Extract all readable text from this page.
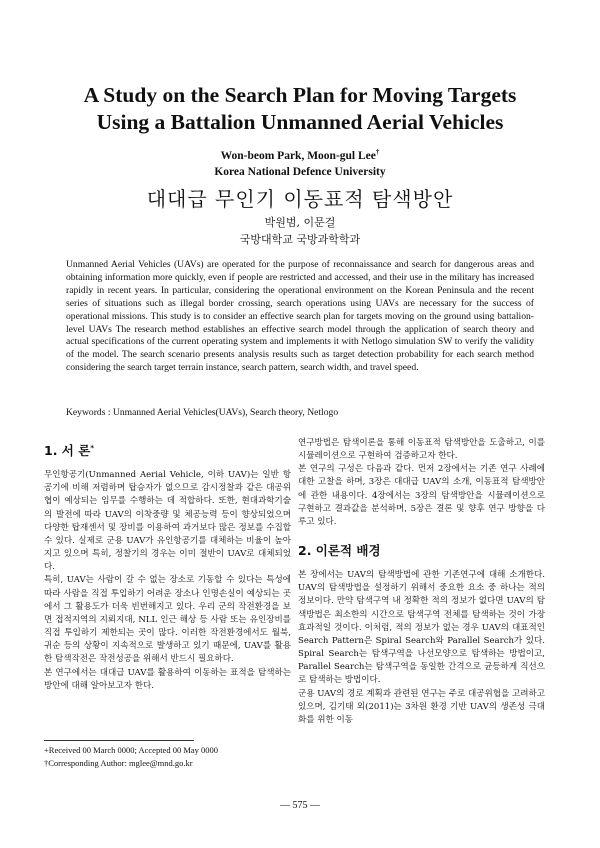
A Study on the Search Plan for Moving Targets
Using a Battalion Unmanned Aerial Vehicles
Won-beom Park, Moon-gul Lee†
Korea National Defence University
대대급 무인기 이동표적 탐색방안
박원범, 이문걸
국방대학교 국방과학학과

Unmanned Aerial Vehicles (UAVs) are operated for the purpose of reconnaissance and search for dangerous areas and obtaining information more quickly, even if people are restricted and accessed, and their use in the military has increased rapidly in recent years. In particular, considering the operational environment on the Korean Peninsula and the recent series of situations such as illegal border crossing, search operations using UAVs are necessary for the success of operational missions. This study is to consider an effective search plan for targets moving on the ground using battalion-level UAVs The research method establishes an effective search model through the application of search theory and actual specifications of the current operating system and implements it with Netlogo simulation SW to verify the validity of the model. The search scenario presents analysis results such as target detection probability for each search method considering the search target terrain instance, search pattern, search width, and travel speed.

Keywords : Unmanned Aerial Vehicles(UAVs), Search theory, Netlogo
1. 서 론*

무인항공기(Unmanned Aerial Vehicle, 이하 UAV)는 일반 항공기에 비해 저렴하며 탑승자가 없으므로 감시정찰과 같은 대공위협이 예상되는 임무를 수행하는 데 적합하다. 또한, 현대과학기술의 발전에 따라 UAV의 이착중량 및 체공능력 등이 향상되었으며 다양한 탑재센서 및 장비를 이용하여 과거보다 많은 정보를 수집할 수 있다. 실제로 군용 UAV가 유인항공기를 대체하는 비율이 높아지고 있으며 특히, 정찰기의 경우는 이미 절반이 UAV로 대체되었다.

특히, UAV는 사람이 갈 수 없는 장소로 기동할 수 있다는 특성에 따라 사람을 직접 투입하기 어려운 장소나 인명손실이 예상되는 곳에서 그 활용도가 더욱 빈번해지고 있다. 우리 군의 작전환경을 보면 접적지역의 지뢰지대, NLL 인근 해상 등 사람 또는 유인장비를 직접 투입하기 제한되는 곳이 많다. 이러한 작전환경에서도 월북, 귀순 등의 상황이 지속적으로 발생하고 있기 때문에, UAV를 활용한 탐색작전은 작전성공을 위해서 반드시 필요하다.

본 연구에서는 대대급 UAV를 활용하여 이동하는 표적을 탐색하는 방안에 대해 알아보고자 한다.

연구방법은 탐색이론을 통해 이동표적 탐색방안을 도출하고, 이를 시뮬레이션으로 구현하여 검증하고자 한다.

본 연구의 구성은 다음과 같다. 먼저 2장에서는 기존 연구 사례에 대한 고찰을 하며, 3장은 대대급 UAV의 소개, 이동표적 탐색방안에 관한 내용이다. 4장에서는 3장의 탐색방안을 시뮬레이션으로 구현하고 결과값을 분석하며, 5장은 결론 및 향후 연구 방향을 다루고 있다.

2. 이론적 배경

본 장에서는 UAV의 탐색방법에 관한 기존연구에 대해 소개한다. UAV의 탐색방법을 설정하기 위해서 중요한 요소 중 하나는 적의 정보이다. 만약 탐색구역 내 정확한 적의 정보가 없다면 UAV의 탐색방법은 최소한의 시간으로 탐색구역 전체를 탐색하는 것이 가장 효과적일 것이다. 이처럼, 적의 정보가 없는 경우 UAV의 대표적인 Search Pattern은 Spiral Search와 Parallel Search가 있다. Spiral Search는 탐색구역을 나선모양으로 탐색하는 방법이고, Parallel Search는 탐색구역을 동일한 간격으로 균등하게 직선으로 탐색하는 방법이다.

군용 UAV의 경로 계획과 관련된 연구는 주로 대공위협을 고려하고 있으며, 김기태 외(2011)는 3차원 환경 기반 UAV의 생존성 극대화를 위한 이동

+Received 00 March 0000; Accepted 00 May 0000
†Corresponding Author: mglee@mnd.go.kr
— 575 —
